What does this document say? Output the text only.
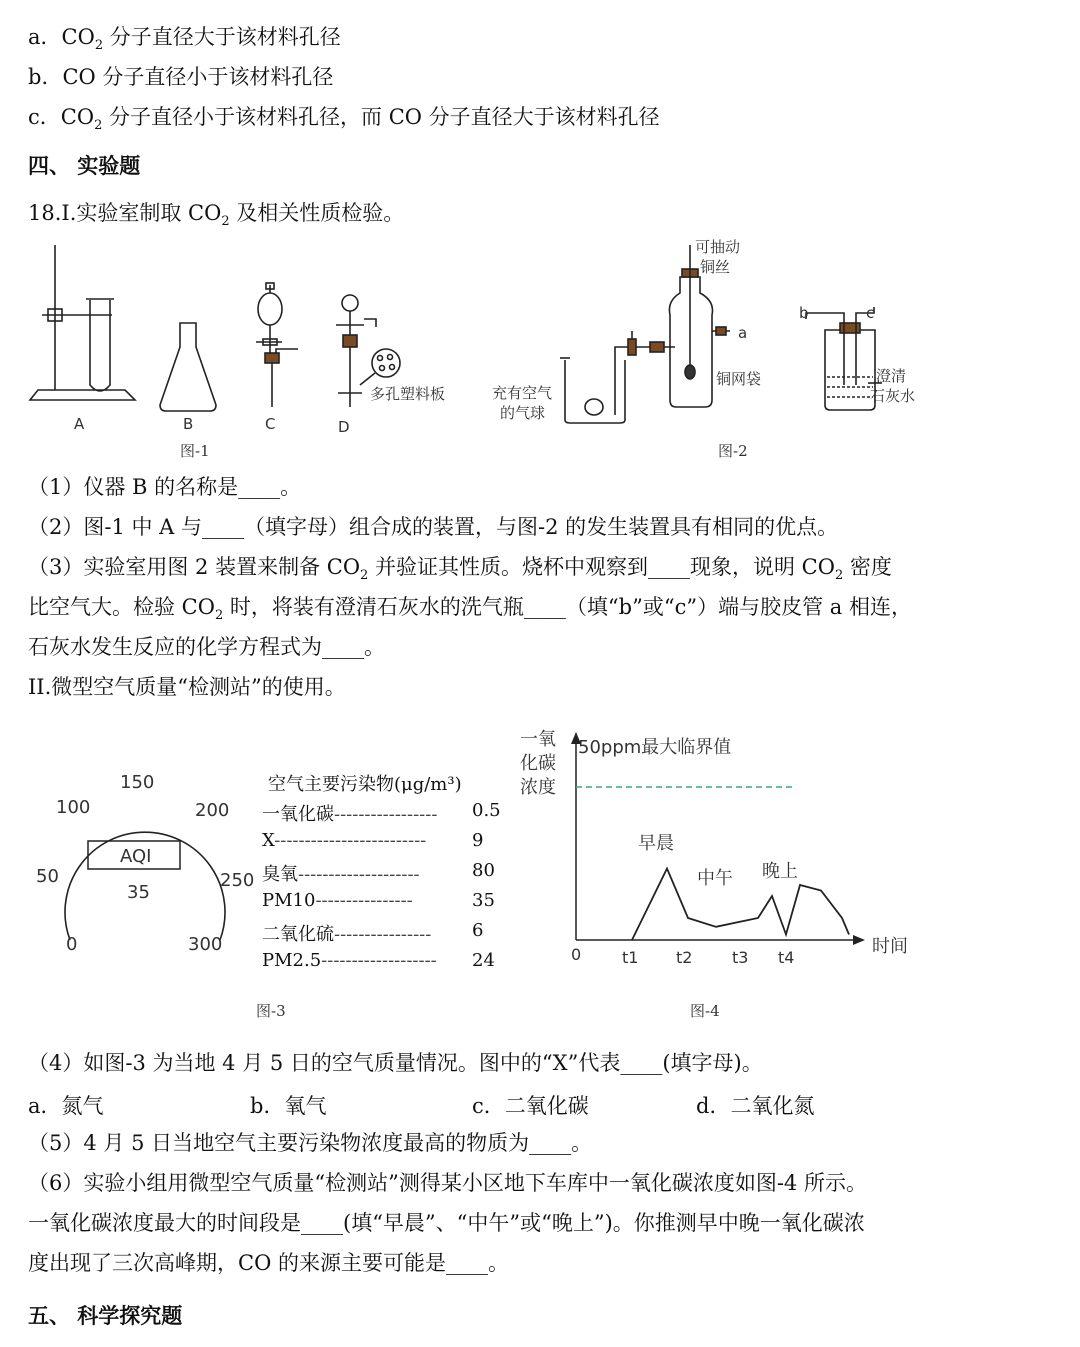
a．$CO_2$ 分子直径大于该材料孔径
b．CO 分子直径小于该材料孔径
c．$CO_2$ 分子直径小于该材料孔径，而 CO 分子直径大于该材料孔径
四、 实验题
18.I.实验室制取 $CO_2$ 及相关性质检验。
A	B	C	D
多孔塑料板
图-1
可抽动
铜丝
a
铜网袋
充有空气
的气球
b	c
澄清
石灰水
图-2
（1）仪器 B 的名称是____。
（2）图-1 中 A 与____（填字母）组合成的装置，与图-2 的发生装置具有相同的优点。
（3）实验室用图 2 装置来制备 $CO_2$ 并验证其性质。烧杯中观察到____现象，说明 $CO_2$ 密度
比空气大。检验 $CO_2$ 时，将装有澄清石灰水的洗气瓶____（填“b”或“c”）端与胶皮管 a 相连，
石灰水发生反应的化学方程式为____。
II.微型空气质量“检测站”的使用。
0
50
100
150
200
250
300
AQI
35
空气主要污染物(μg/m³)
一氧化碳----------------- 0.5
X-------------------------	9
臭氧--------------------	80
PM10----------------	35
二氧化硫---------------- 6
PM2.5------------------- 24
图-3
一氧化碳浓度
50ppm最大临界值
时间
0	t1 t2 t3 t4
早晨
中午 晚上
图-4
（4）如图-3 为当地 4 月 5 日的空气质量情况。图中的“X”代表____(填字母)。
a．氮气	b．氧气	c．二氧化碳	d．二氧化氮
（5）4 月 5 日当地空气主要污染物浓度最高的物质为____。
（6）实验小组用微型空气质量“检测站”测得某小区地下车库中一氧化碳浓度如图-4 所示。
一氧化碳浓度最大的时间段是____(填“早晨”、“中午”或“晚上”)。你推测早中晚一氧化碳浓
度出现了三次高峰期，CO 的来源主要可能是____。
五、 科学探究题
